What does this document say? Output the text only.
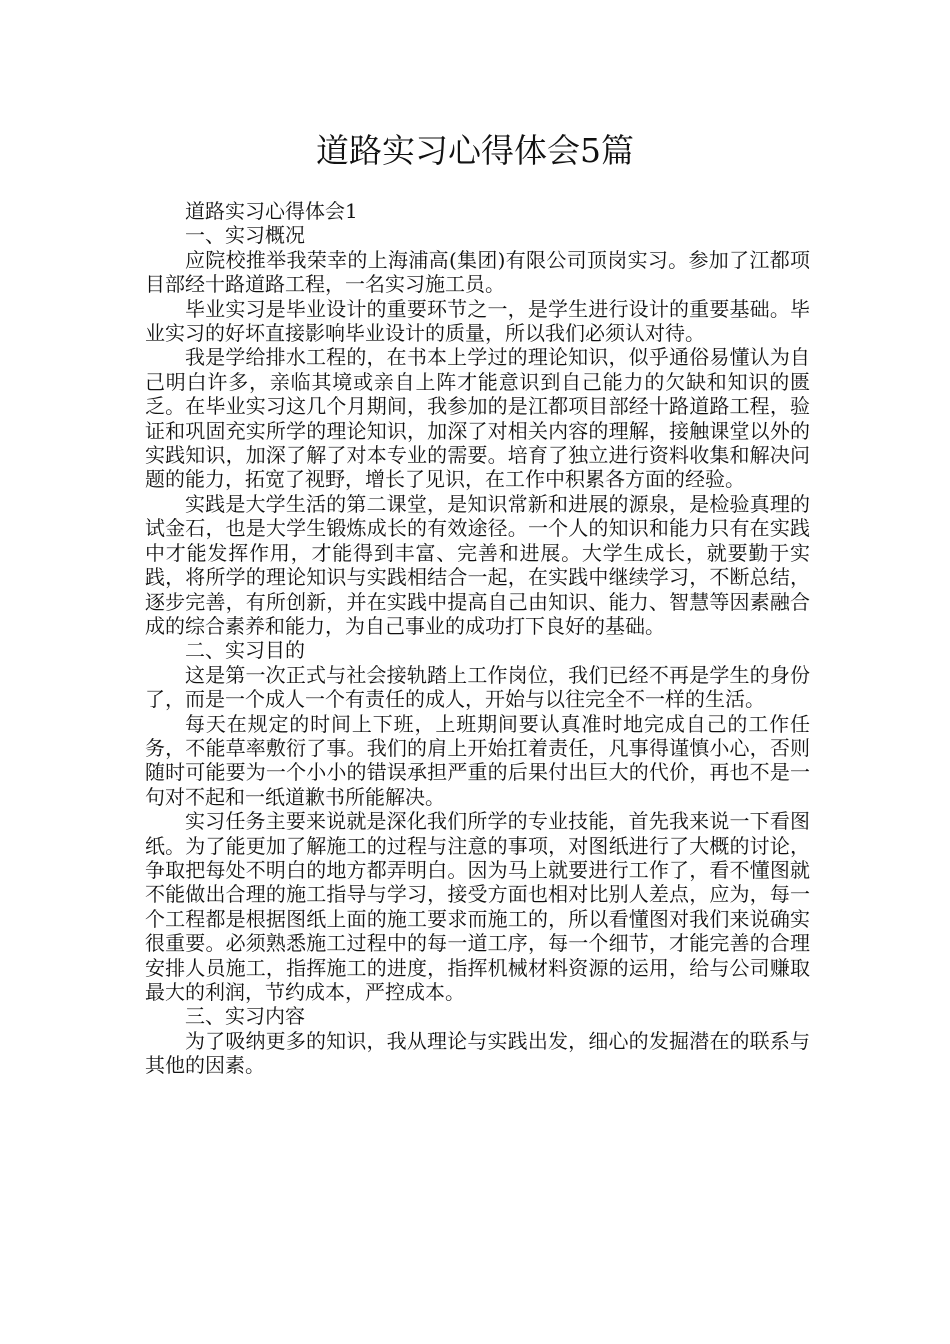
道路实习心得体会5篇

道路实习心得体会1

一、实习概况

应院校推举我荣幸的上海浦高(集团)有限公司顶岗实习。参加了江都项目部经十路道路工程，一名实习施工员。

毕业实习是毕业设计的重要环节之一，是学生进行设计的重要基础。毕业实习的好坏直接影响毕业设计的质量，所以我们必须认对待。

我是学给排水工程的，在书本上学过的理论知识，似乎通俗易懂认为自己明白许多，亲临其境或亲自上阵才能意识到自己能力的欠缺和知识的匮乏。在毕业实习这几个月期间，我参加的是江都项目部经十路道路工程，验证和巩固充实所学的理论知识，加深了对相关内容的理解，接触课堂以外的实践知识，加深了解了对本专业的需要。培育了独立进行资料收集和解决问题的能力，拓宽了视野，增长了见识，在工作中积累各方面的经验。

实践是大学生活的第二课堂，是知识常新和进展的源泉，是检验真理的试金石，也是大学生锻炼成长的有效途径。一个人的知识和能力只有在实践中才能发挥作用，才能得到丰富、完善和进展。大学生成长，就要勤于实践，将所学的理论知识与实践相结合一起，在实践中继续学习，不断总结，逐步完善，有所创新，并在实践中提高自己由知识、能力、智慧等因素融合成的综合素养和能力，为自己事业的成功打下良好的基础。

二、实习目的

这是第一次正式与社会接轨踏上工作岗位，我们已经不再是学生的身份了，而是一个成人一个有责任的成人，开始与以往完全不一样的生活。

每天在规定的时间上下班，上班期间要认真准时地完成自己的工作任务，不能草率敷衍了事。我们的肩上开始扛着责任，凡事得谨慎小心，否则随时可能要为一个小小的错误承担严重的后果付出巨大的代价，再也不是一句对不起和一纸道歉书所能解决。

实习任务主要来说就是深化我们所学的专业技能，首先我来说一下看图纸。为了能更加了解施工的过程与注意的事项，对图纸进行了大概的讨论，争取把每处不明白的地方都弄明白。因为马上就要进行工作了，看不懂图就不能做出合理的施工指导与学习，接受方面也相对比别人差点，应为，每一个工程都是根据图纸上面的施工要求而施工的，所以看懂图对我们来说确实很重要。必须熟悉施工过程中的每一道工序，每一个细节，才能完善的合理安排人员施工，指挥施工的进度，指挥机械材料资源的运用，给与公司赚取最大的利润，节约成本，严控成本。

三、实习内容

为了吸纳更多的知识，我从理论与实践出发，细心的发掘潜在的联系与其他的因素。
